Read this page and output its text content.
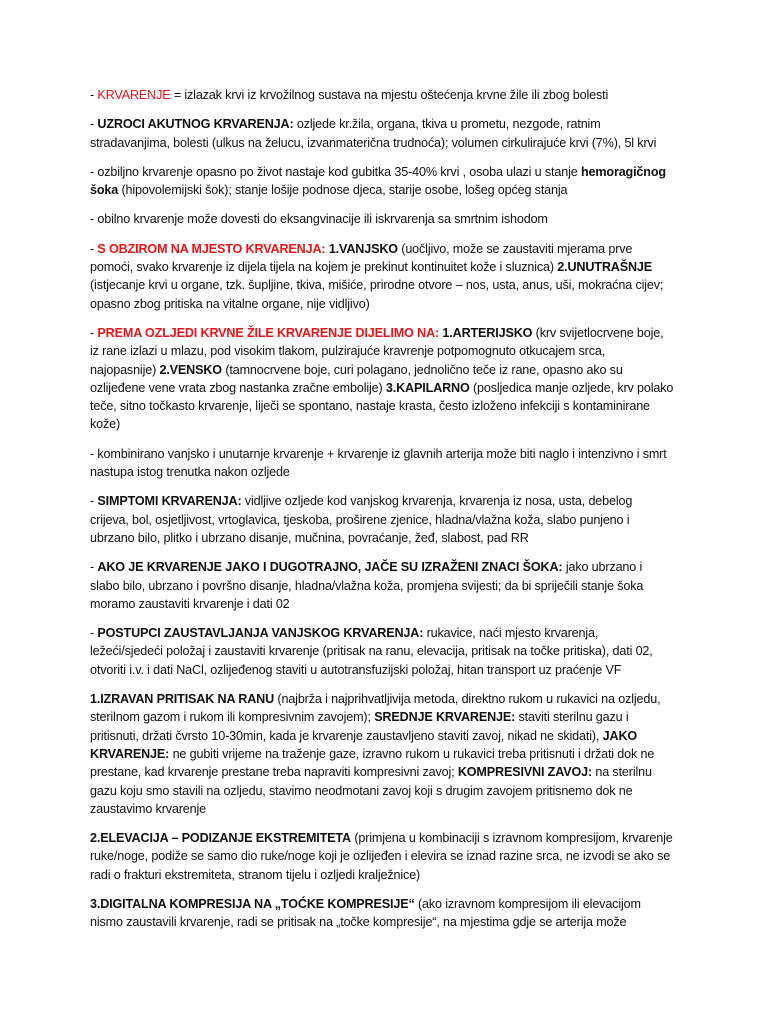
- KRVARENJE = izlazak krvi iz krvožilnog sustava na mjestu oštećenja krvne žile ili zbog bolesti

- UZROCI AKUTNOG KRVARENJA: ozljede kr.žila, organa, tkiva u prometu, nezgode, ratnim stradavanjima, bolesti (ulkus na želucu, izvanmaterična trudnoća); volumen cirkulirajuće krvi (7%), 5l krvi

- ozbiljno krvarenje opasno po život nastaje kod gubitka 35-40% krvi , osoba ulazi u stanje hemoragičnog šoka (hipovolemijski šok); stanje lošije podnose djeca, starije osobe, lošeg općeg stanja

- obilno krvarenje može dovesti do eksangvinacije ili iskrvarenja sa smrtnim ishodom

- S OBZIROM NA MJESTO KRVARENJA: 1.VANJSKO (uočljivo, može se zaustaviti mjerama prve pomoći, svako krvarenje iz dijela tijela na kojem je prekinut kontinuitet kože i sluznica) 2.UNUTRAŠNJE (istjecanje krvi u organe, tzk. šupljine, tkiva, mišiće, prirodne otvore – nos, usta, anus, uši, mokraćna cijev; opasno zbog pritiska na vitalne organe, nije vidljivo)

- PREMA OZLJEDI KRVNE ŽILE KRVARENJE DIJELIMO NA: 1.ARTERIJSKO (krv svijetlocrvene boje, iz rane izlazi u mlazu, pod visokim tlakom, pulzirajuće kravrenje potpomognuto otkucajem srca, najopasnije) 2.VENSKO (tamnocrvene boje, curi polagano, jednolično teče iz rane, opasno ako su ozlijeđene vene vrata zbog nastanka zračne embolije) 3.KAPILARNO (posljedica manje ozljede, krv polako teče, sitno točkasto krvarenje, liječi se spontano, nastaje krasta, često izloženo infekciji s kontaminirane kože)

- kombinirano vanjsko i unutarnje krvarenje + krvarenje iz glavnih arterija može biti naglo i intenzivno i smrt nastupa istog trenutka nakon ozljede

- SIMPTOMI KRVARENJA: vidljive ozljede kod vanjskog krvarenja, krvarenja iz nosa, usta, debelog crijeva, bol, osjetljivost, vrtoglavica, tjeskoba, proširene zjenice, hladna/vlažna koža, slabo punjeno i ubrzano bilo, plitko i ubrzano disanje, mučnina, povraćanje, žeđ, slabost, pad RR

- AKO JE KRVARENJE JAKO I DUGOTRAJNO, JAČE SU IZRAŽENI ZNACI ŠOKA: jako ubrzano i slabo bilo, ubrzano i površno disanje, hladna/vlažna koža, promjena svijesti; da bi spriječili stanje šoka moramo zaustaviti krvarenje i dati 02

- POSTUPCI ZAUSTAVLJANJA VANJSKOG KRVARENJA: rukavice, naći mjesto krvarenja, ležeći/sjedeći položaj i zaustaviti krvarenje (pritisak na ranu, elevacija, pritisak na točke pritiska), dati 02, otvoriti i.v. i dati NaCl, ozlijeđenog staviti u autotransfuzijski položaj, hitan transport uz praćenje VF

1.IZRAVAN PRITISAK NA RANU (najbrža i najprihvatljivija metoda, direktno rukom u rukavici na ozljedu, sterilnom gazom i rukom ili kompresivnim zavojem); SREDNJE KRVARENJE: staviti sterilnu gazu i pritisnuti, držati čvrsto 10-30min, kada je krvarenje zaustavljeno staviti zavoj, nikad ne skidati), JAKO KRVARENJE: ne gubiti vrijeme na traženje gaze, izravno rukom u rukavici treba pritisnuti i držati dok ne prestane, kad krvarenje prestane treba napraviti kompresivni zavoj; KOMPRESIVNI ZAVOJ: na sterilnu gazu koju smo stavili na ozljedu, stavimo neodmotani zavoj koji s drugim zavojem pritisnemo dok ne zaustavimo krvarenje

2.ELEVACIJA – PODIZANJE EKSTREMITETA (primjena u kombinaciji s izravnom kompresijom, krvarenje ruke/noge, podiže se samo dio ruke/noge koji je ozlijeđen i elevira se iznad razine srca, ne izvodi se ako se radi o frakturi ekstremiteta, stranom tijelu i ozljedi kralježnice)

3.DIGITALNA KOMPRESIJA NA „TOĆKE KOMPRESIJE“ (ako izravnom kompresijom ili elevacijom nismo zaustavili krvarenje, radi se pritisak na „točke kompresije“, na mjestima gdje se arterija može
